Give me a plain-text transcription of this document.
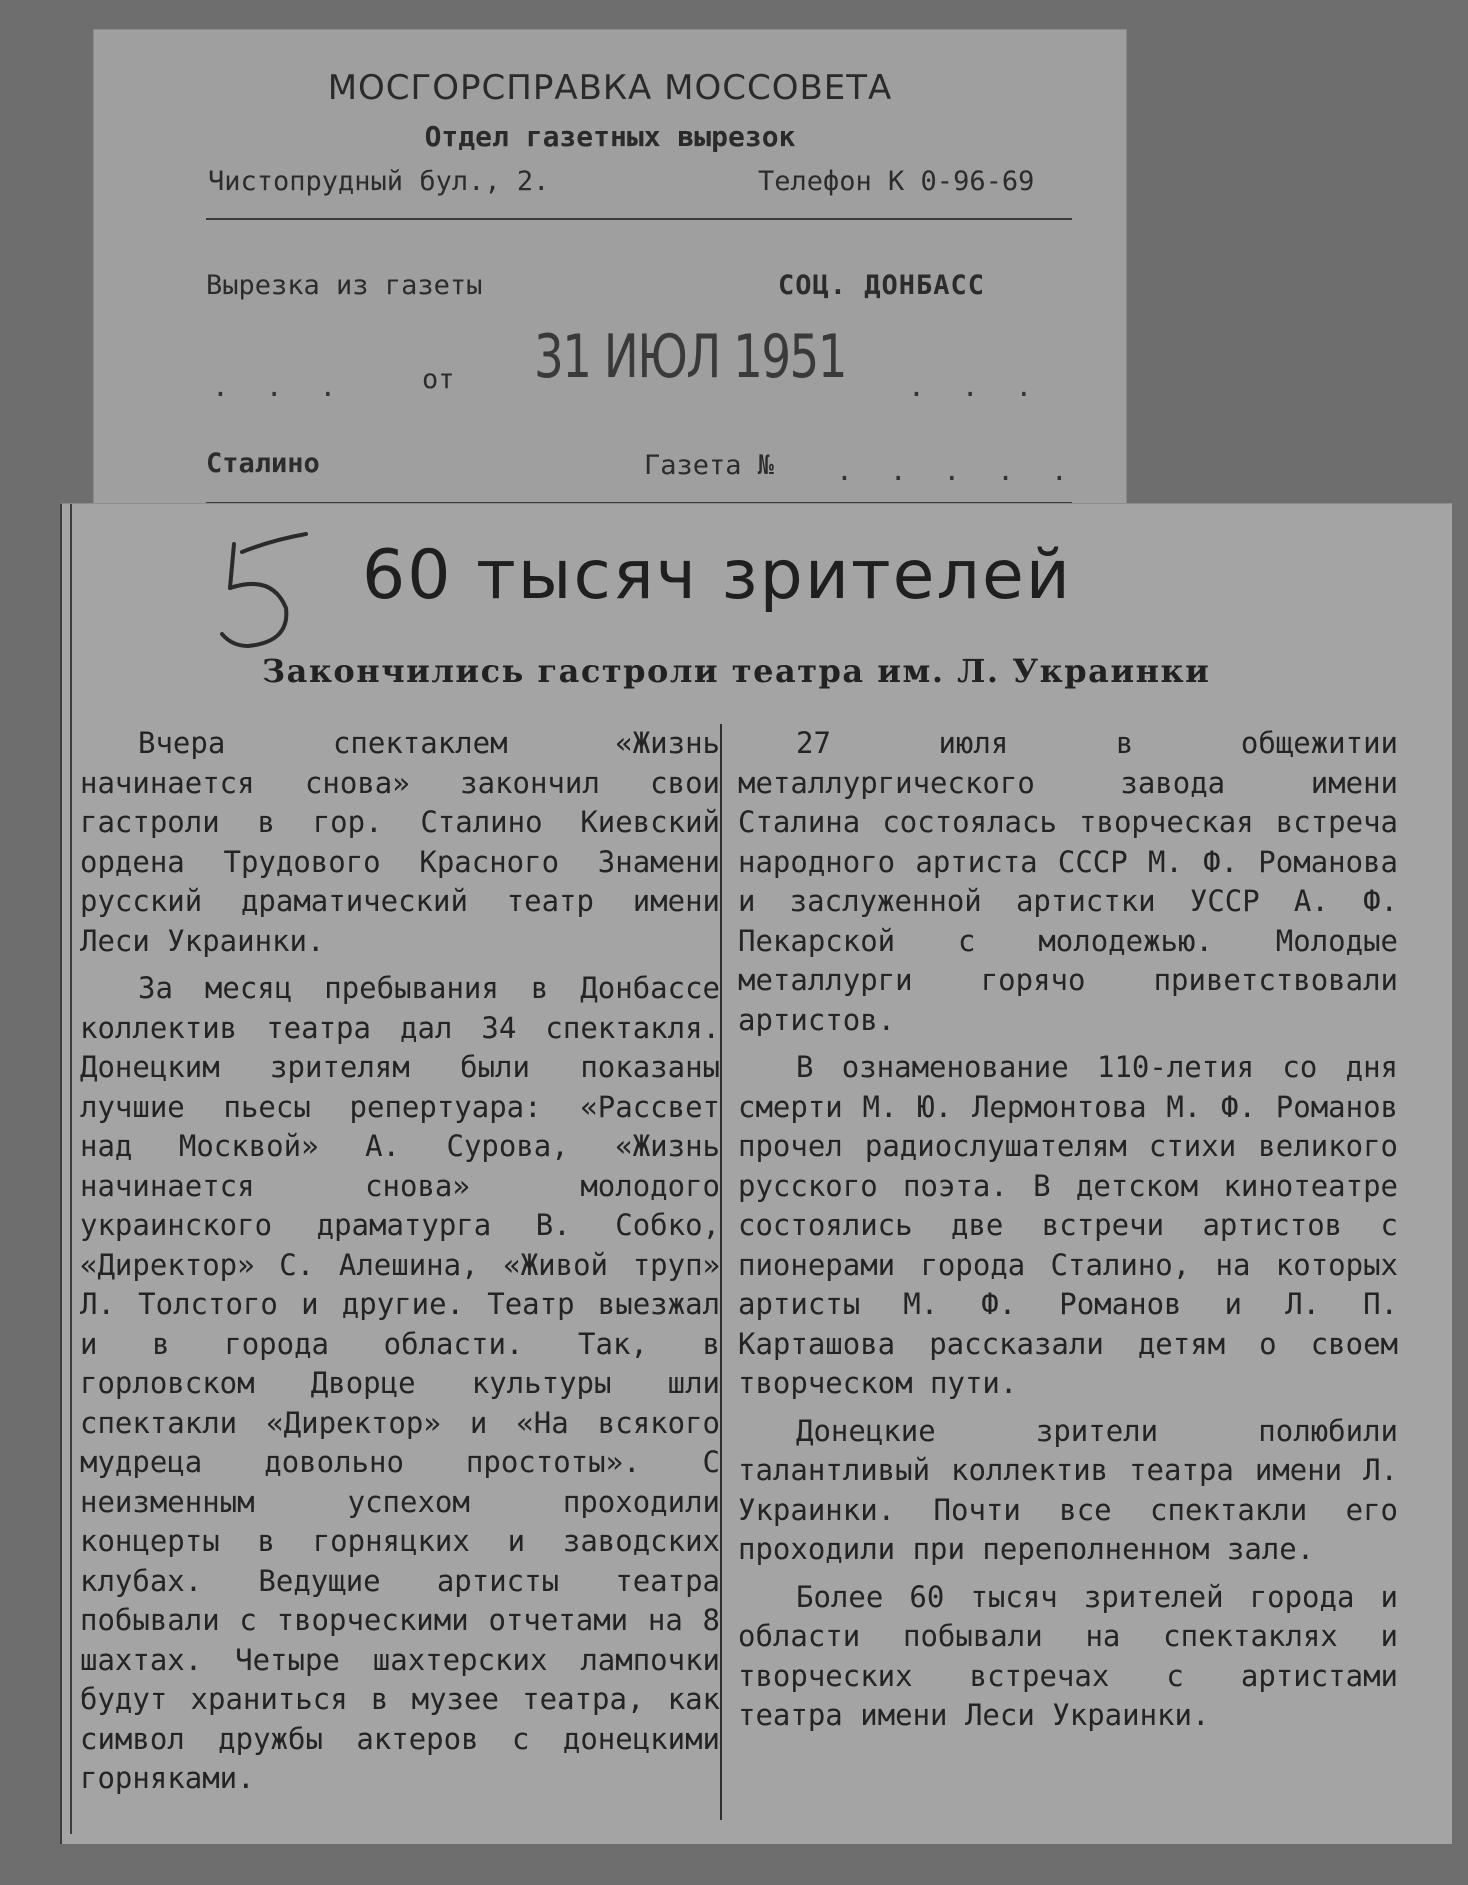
МОСГОРСПРАВКА МОССОВЕТА
Отдел газетных вырезок
Чистопрудный бул., 2.	Телефон К 0-96-69
Вырезка из газеты	СОЦ. ДОНБАСС
. . .	от 31 ИЮЛ 1951 . . .
Сталино	Газета № . . . . .
60 тысяч зрителей
Закончились гастроли театра им. Л. Украинки

Вчера спектаклем «Жизнь начинается снова» закончил свои гастроли в гор. Сталино Киевский ордена Трудового Красного Знамени русский драматический театр имени Леси Украинки.

За месяц пребывания в Донбассе коллектив театра дал 34 спектакля. Донецким зрителям были показаны лучшие пьесы репертуара: «Рассвет над Москвой» А. Сурова, «Жизнь начинается снова» молодого украинского драматурга В. Собко, «Директор» С. Алешина, «Живой труп» Л. Толстого и другие. Театр выезжал и в города области. Так, в горловском Дворце культуры шли спектакли «Директор» и «На всякого мудреца довольно простоты». С неизменным успехом проходили концерты в горняцких и заводских клубах. Ведущие артисты театра побывали с творческими отчетами на 8 шахтах. Четыре шахтерских лампочки будут храниться в музее театра, как символ дружбы актеров с донецкими горняками.

27 июля в общежитии металлургического завода имени Сталина состоялась творческая встреча народного артиста СССР М. Ф. Романова и заслуженной артистки УССР А. Ф. Пекарской с молодежью. Молодые металлурги горячо приветствовали артистов.

В ознаменование 110-летия со дня смерти М. Ю. Лермонтова М. Ф. Романов прочел радиослушателям стихи великого русского поэта. В детском кинотеатре состоялись две встречи артистов с пионерами города Сталино, на которых артисты М. Ф. Романов и Л. П. Карташова рассказали детям о своем творческом пути.

Донецкие зрители полюбили талантливый коллектив театра имени Л. Украинки. Почти все спектакли его проходили при переполненном зале.

Более 60 тысяч зрителей города и области побывали на спектаклях и творческих встречах с артистами театра имени Леси Украинки.
